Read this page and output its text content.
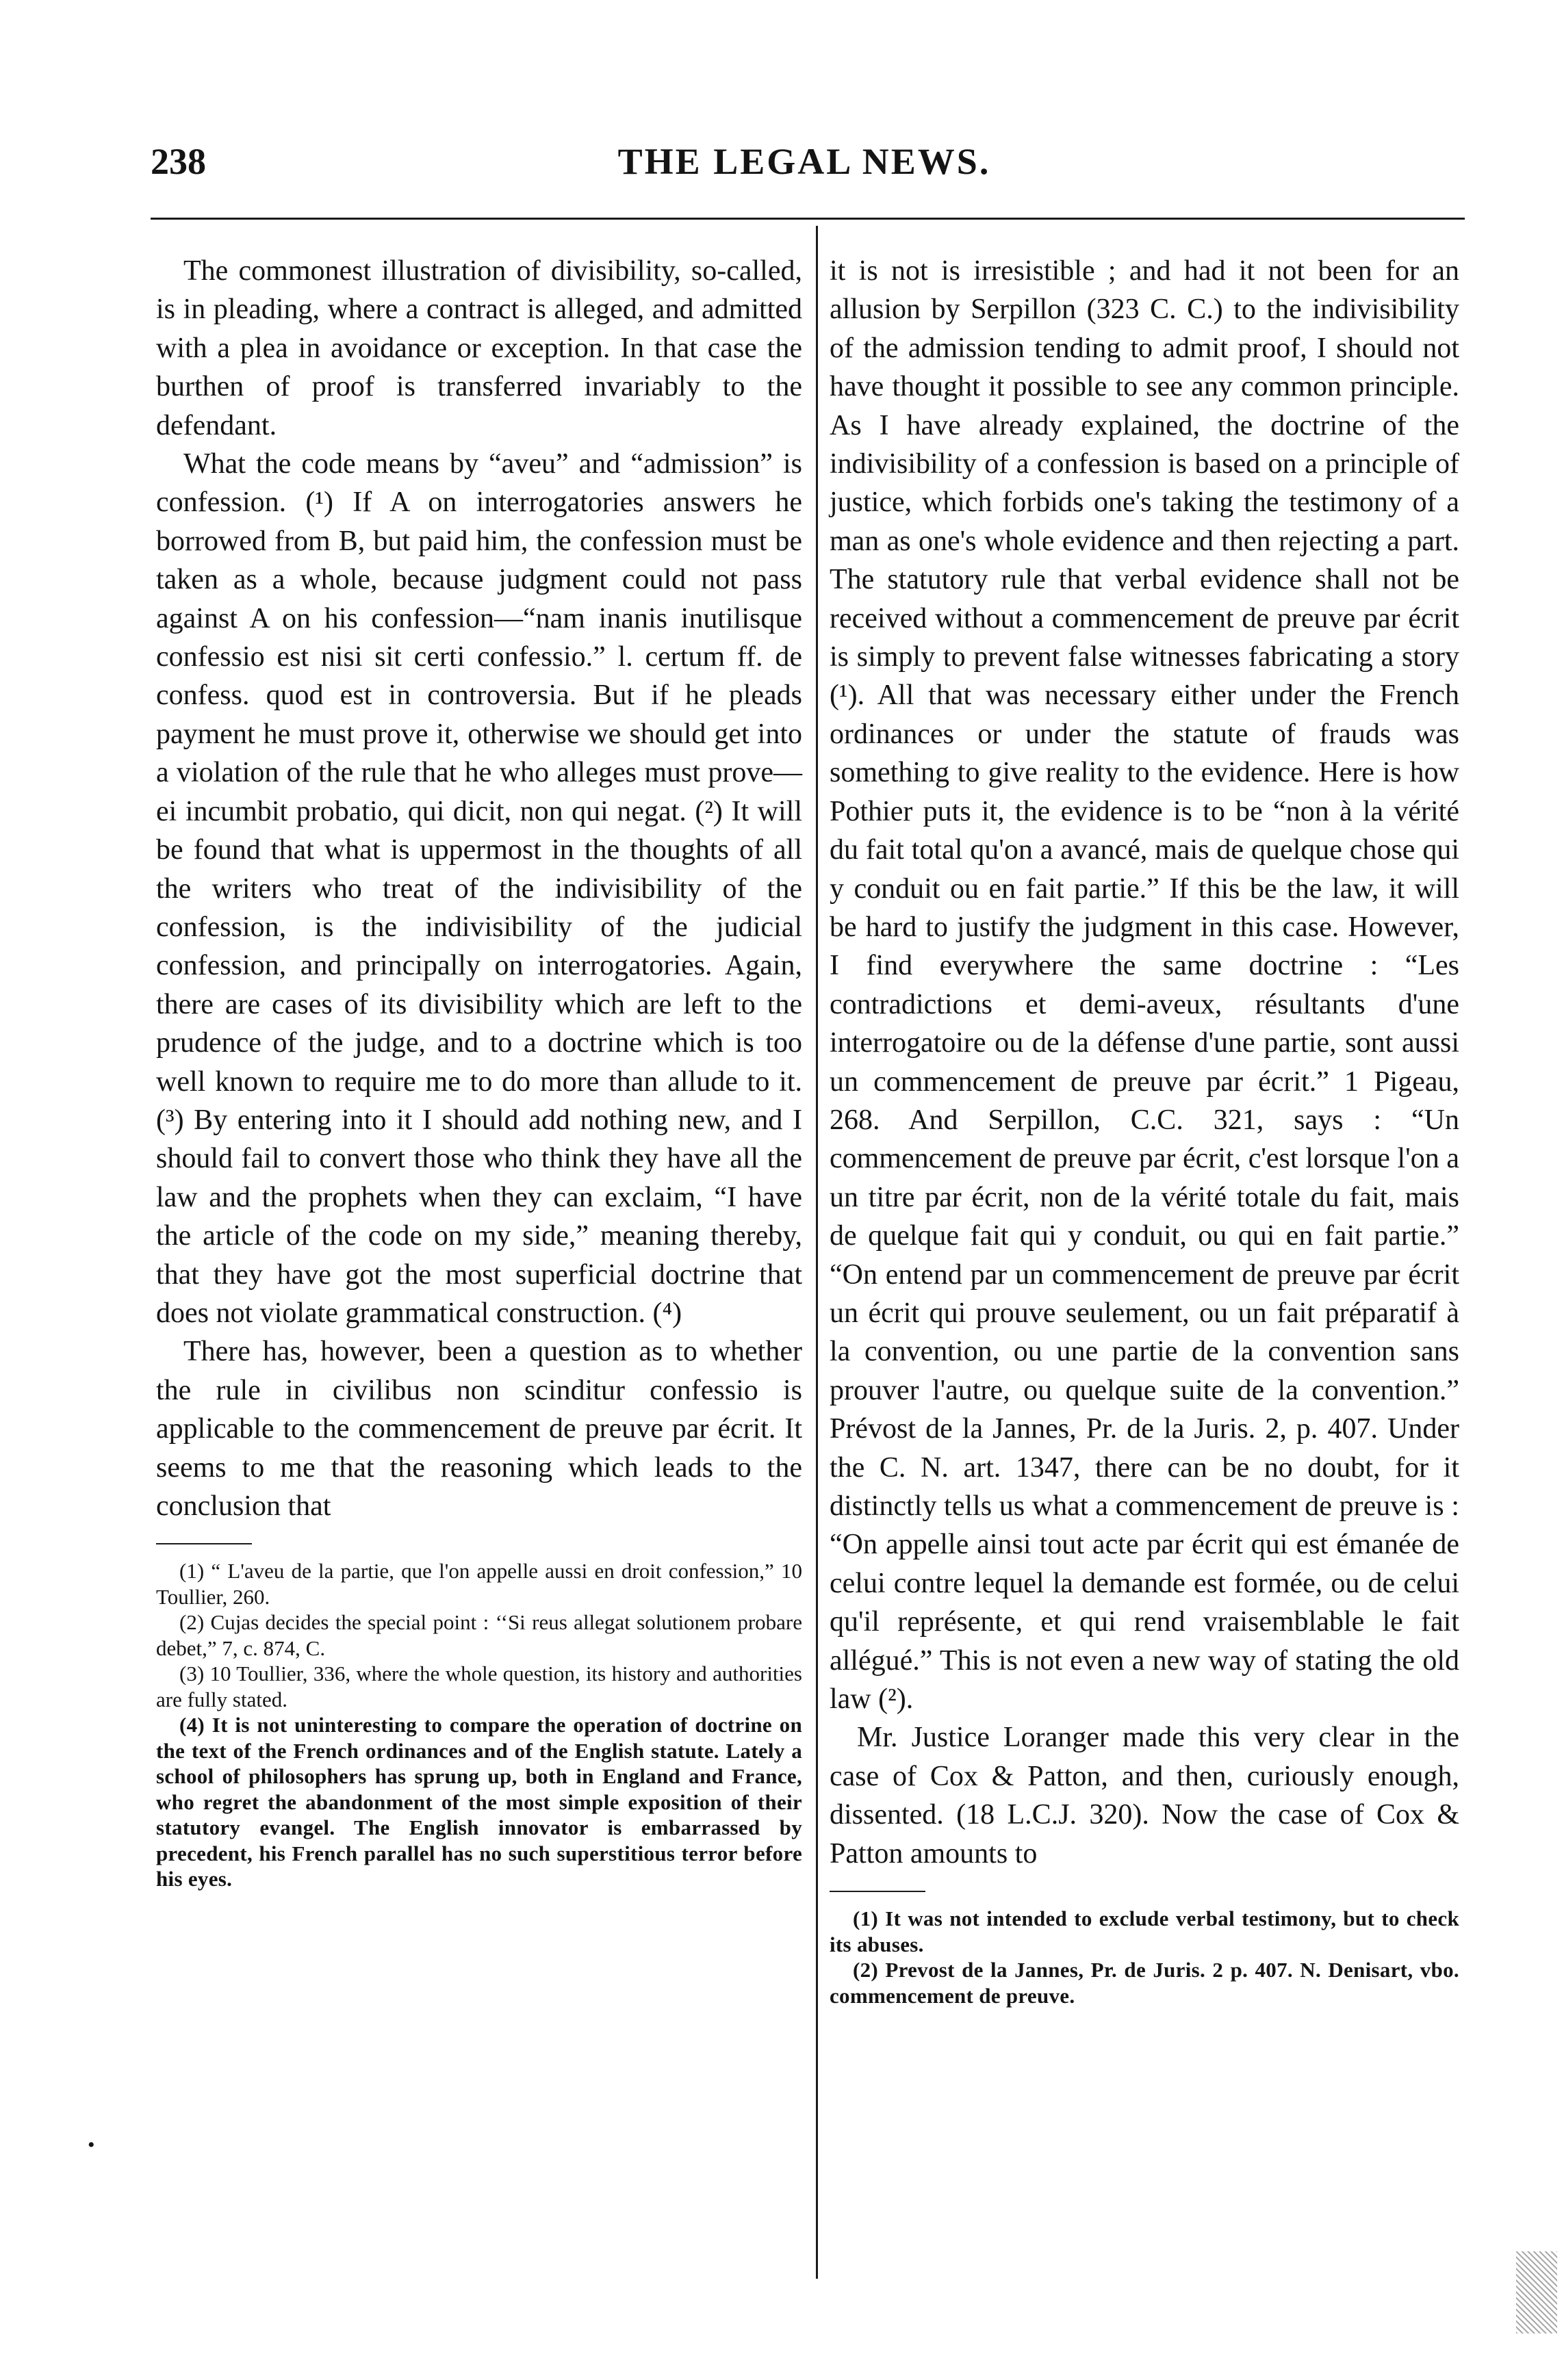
238	THE LEGAL NEWS.

The commonest illustration of divisibility, so-called, is in pleading, where a contract is alleged, and admitted with a plea in avoidance or exception. In that case the burthen of proof is transferred invariably to the defendant.

What the code means by “aveu” and “admission” is confession. (¹) If A on interrogatories answers he borrowed from B, but paid him, the confession must be taken as a whole, because judgment could not pass against A on his confession—“nam inanis inutilisque confessio est nisi sit certi confessio.” l. certum ff. de confess. quod est in controversia. But if he pleads payment he must prove it, otherwise we should get into a violation of the rule that he who alleges must prove—ei incumbit probatio, qui dicit, non qui negat. (²) It will be found that what is uppermost in the thoughts of all the writers who treat of the indivisibility of the confession, is the indivisibility of the judicial confession, and principally on interrogatories. Again, there are cases of its divisibility which are left to the prudence of the judge, and to a doctrine which is too well known to require me to do more than allude to it. (³) By entering into it I should add nothing new, and I should fail to convert those who think they have all the law and the prophets when they can exclaim, “I have the article of the code on my side,” meaning thereby, that they have got the most superficial doctrine that does not violate grammatical construction. (⁴)

There has, however, been a question as to whether the rule in civilibus non scinditur confessio is applicable to the commencement de preuve par écrit. It seems to me that the reasoning which leads to the conclusion that

(1) “ L'aveu de la partie, que l'on appelle aussi en droit confession,” 10 Toullier, 260.

(2) Cujas decides the special point : ‘‘Si reus allegat solutionem probare debet,” 7, c. 874, C.

(3) 10 Toullier, 336, where the whole question, its history and authorities are fully stated.

(4) It is not uninteresting to compare the operation of doctrine on the text of the French ordinances and of the English statute. Lately a school of philosophers has sprung up, both in England and France, who regret the abandonment of the most simple exposition of their statutory evangel. The English innovator is embarrassed by precedent, his French parallel has no such superstitious terror before his eyes.

it is not is irresistible ; and had it not been for an allusion by Serpillon (323 C. C.) to the indivisibility of the admission tending to admit proof, I should not have thought it possible to see any common principle. As I have already explained, the doctrine of the indivisibility of a confession is based on a principle of justice, which forbids one's taking the testimony of a man as one's whole evidence and then rejecting a part. The statutory rule that verbal evidence shall not be received without a commencement de preuve par écrit is simply to prevent false witnesses fabricating a story (¹). All that was necessary either under the French ordinances or under the statute of frauds was something to give reality to the evidence. Here is how Pothier puts it, the evidence is to be “non à la vérité du fait total qu'on a avancé, mais de quelque chose qui y conduit ou en fait partie.” If this be the law, it will be hard to justify the judgment in this case. However, I find everywhere the same doctrine : “Les contradictions et demi-aveux, résultants d'une interrogatoire ou de la défense d'une partie, sont aussi un commencement de preuve par écrit.” 1 Pigeau, 268. And Serpillon, C.C. 321, says : “Un commencement de preuve par écrit, c'est lorsque l'on a un titre par écrit, non de la vérité totale du fait, mais de quelque fait qui y conduit, ou qui en fait partie.” “On entend par un commencement de preuve par écrit un écrit qui prouve seulement, ou un fait préparatif à la convention, ou une partie de la convention sans prouver l'autre, ou quelque suite de la convention.” Prévost de la Jannes, Pr. de la Juris. 2, p. 407. Under the C. N. art. 1347, there can be no doubt, for it distinctly tells us what a commencement de preuve is : “On appelle ainsi tout acte par écrit qui est émanée de celui contre lequel la demande est formée, ou de celui qu'il représente, et qui rend vraisemblable le fait allégué.” This is not even a new way of stating the old law (²).

Mr. Justice Loranger made this very clear in the case of Cox & Patton, and then, curiously enough, dissented. (18 L.C.J. 320). Now the case of Cox & Patton amounts to

(1) It was not intended to exclude verbal testimony, but to check its abuses.

(2) Prevost de la Jannes, Pr. de Juris. 2 p. 407. N. Denisart, vbo. commencement de preuve.

•
